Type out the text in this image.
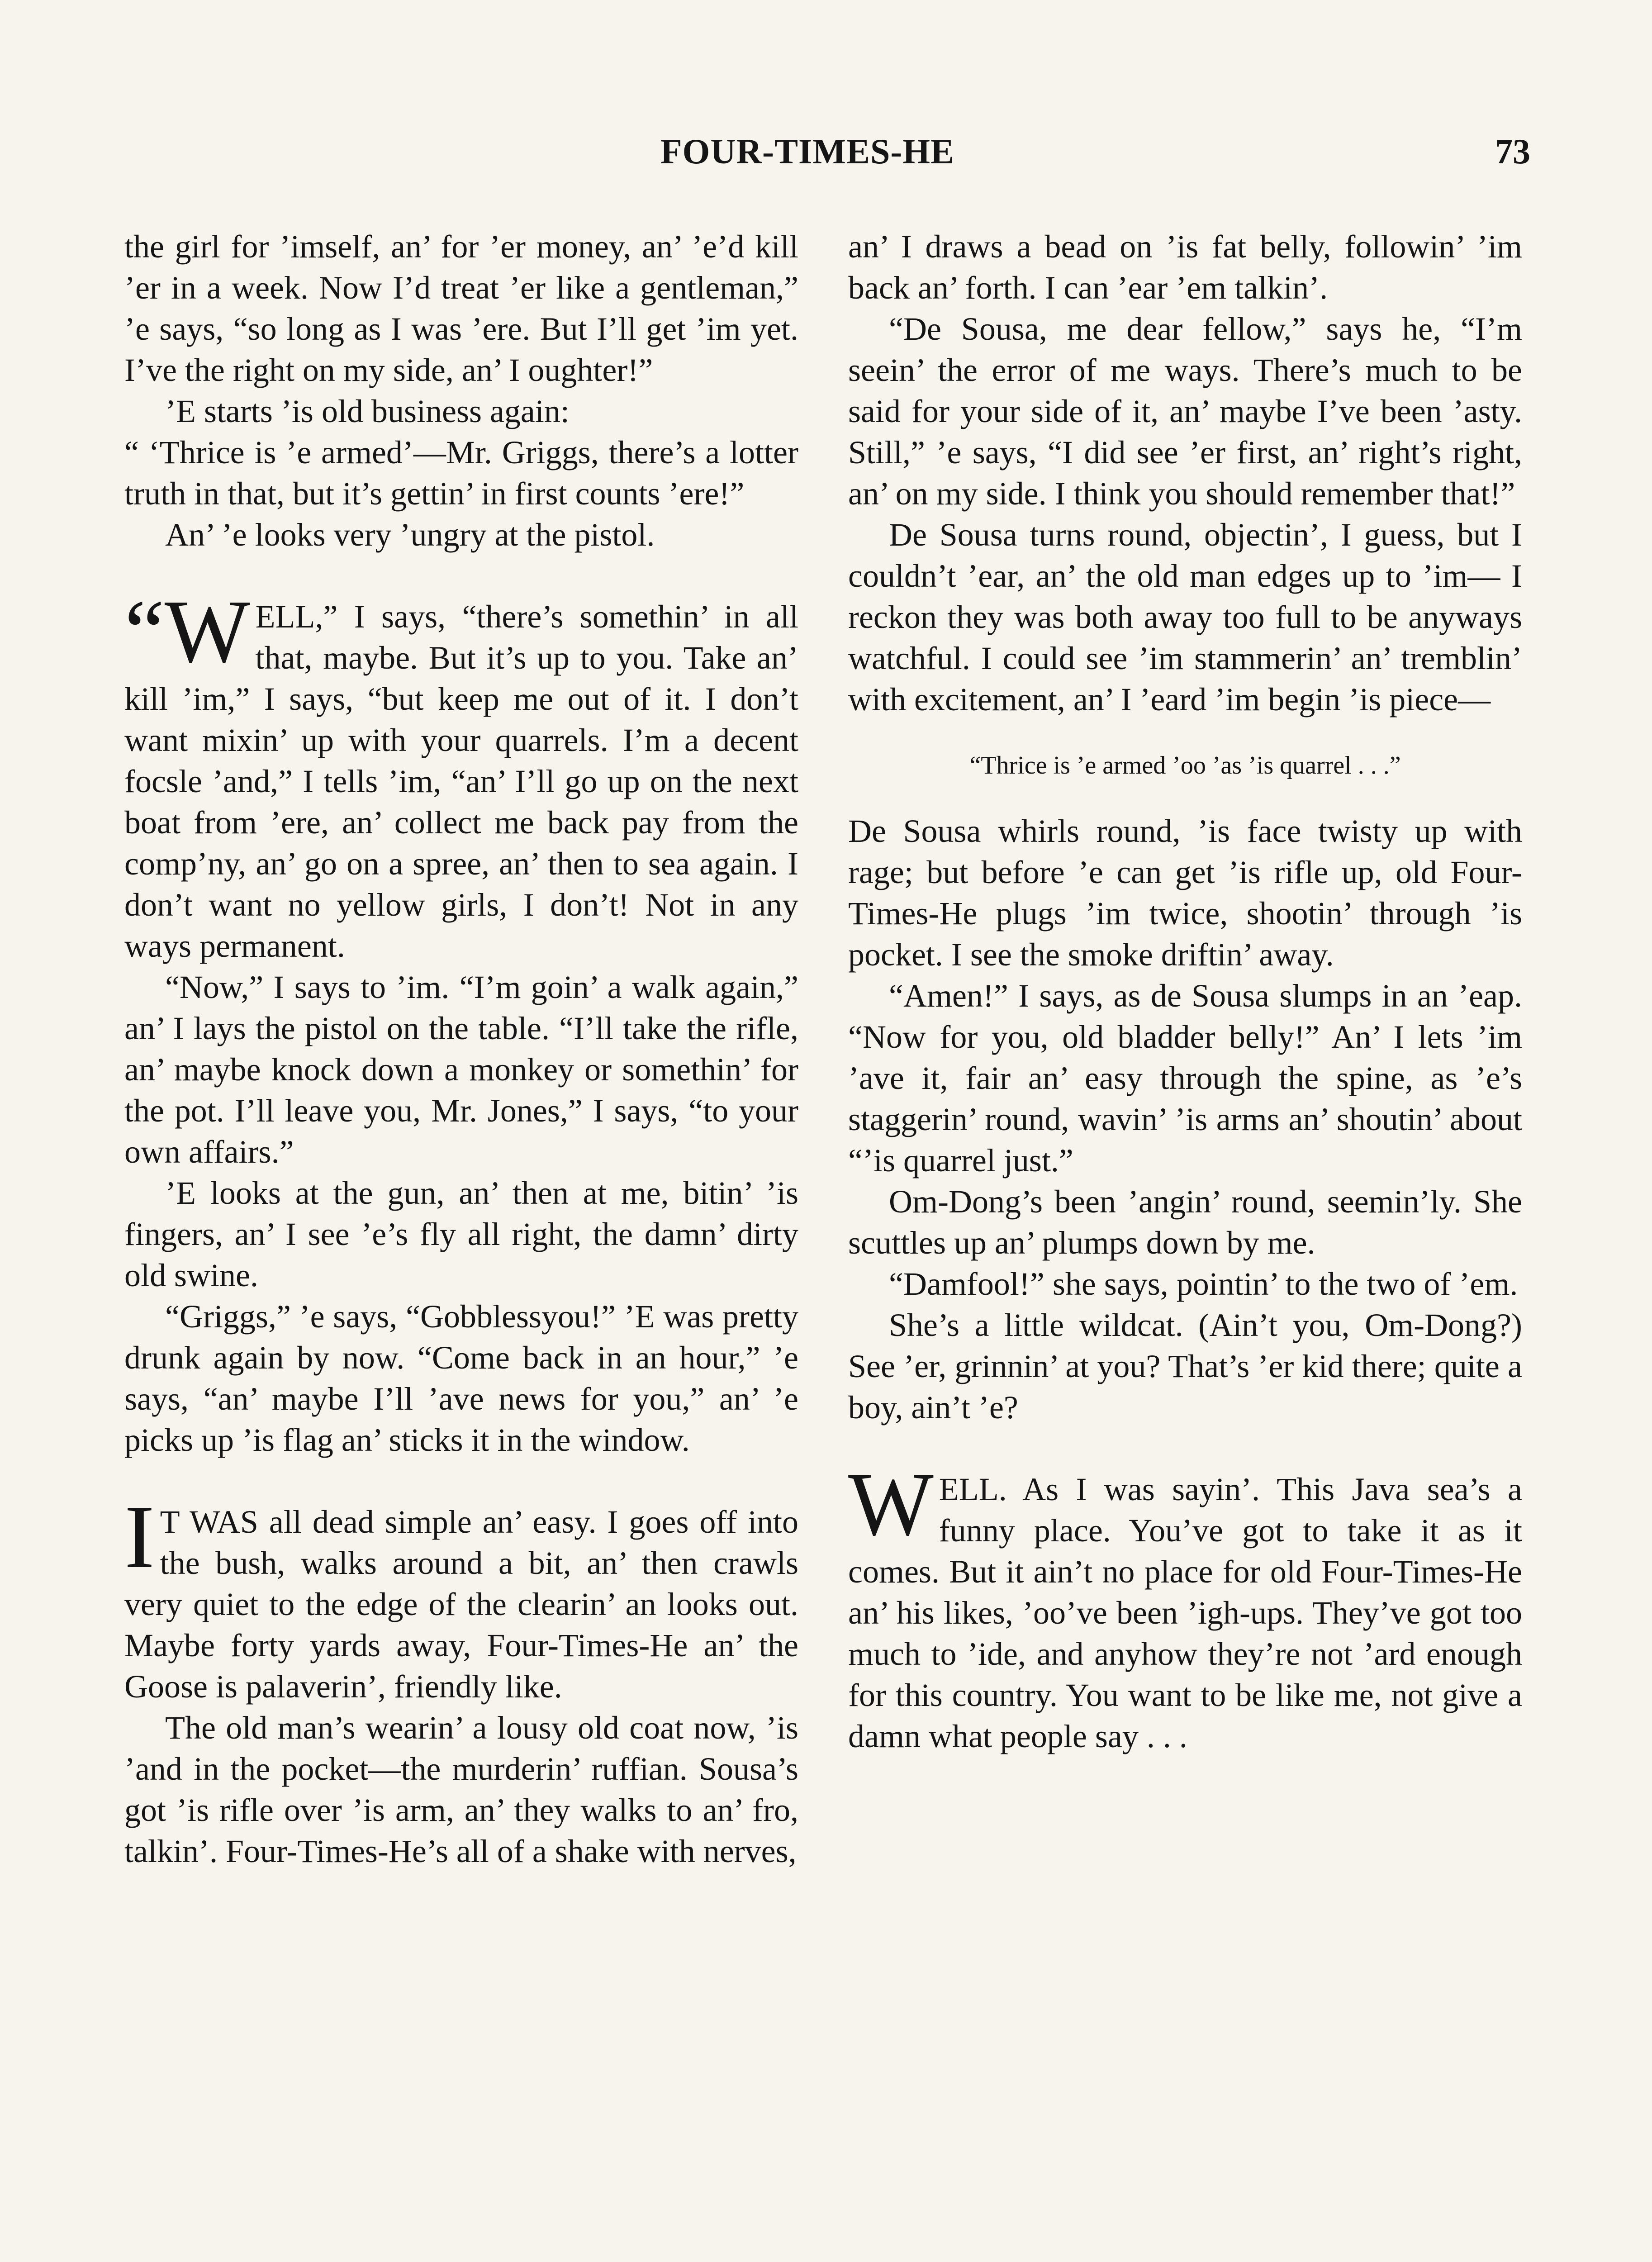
FOUR-TIMES-HE	73

the girl for ’imself, an’ for ’er money, an’ ’e’d kill ’er in a week. Now I’d treat ’er like a gentleman,” ’e says, “so long as I was ’ere. But I’ll get ’im yet. I’ve the right on my side, an’ I oughter!”

’E starts ’is old business again:

“ ‘Thrice is ’e armed’—Mr. Griggs, there’s a lotter truth in that, but it’s gettin’ in first counts ’ere!”

An’ ’e looks very ’ungry at the pistol.

“WELL,” I says, “there’s somethin’ in all that, maybe. But it’s up to you. Take an’ kill ’im,” I says, “but keep me out of it. I don’t want mixin’ up with your quarrels. I’m a decent focsle ’and,” I tells ’im, “an’ I’ll go up on the next boat from ’ere, an’ collect me back pay from the comp’ny, an’ go on a spree, an’ then to sea again. I don’t want no yellow girls, I don’t! Not in any ways permanent.

“Now,” I says to ’im. “I’m goin’ a walk again,” an’ I lays the pistol on the table. “I’ll take the rifle, an’ maybe knock down a monkey or somethin’ for the pot. I’ll leave you, Mr. Jones,” I says, “to your own affairs.”

’E looks at the gun, an’ then at me, bitin’ ’is fingers, an’ I see ’e’s fly all right, the damn’ dirty old swine.

“Griggs,” ’e says, “Gobblessyou!” ’E was pretty drunk again by now. “Come back in an hour,” ’e says, “an’ maybe I’ll ’ave news for you,” an’ ’e picks up ’is flag an’ sticks it in the window.

I T WAS all dead simple an’ easy. I goes off into the bush, walks around a bit, an’ then crawls very quiet to the edge of the clearin’ an looks out. Maybe forty yards away, Four-Times-He an’ the Goose is palaverin’, friendly like.

The old man’s wearin’ a lousy old coat now, ’is ’and in the pocket—the murderin’ ruffian. Sousa’s got ’is rifle over ’is arm, an’ they walks to an’ fro, talkin’. Four-Times-He’s all of a shake with nerves,

an’ I draws a bead on ’is fat belly, followin’ ’im back an’ forth. I can ’ear ’em talkin’.

“De Sousa, me dear fellow,” says he, “I’m seein’ the error of me ways. There’s much to be said for your side of it, an’ maybe I’ve been ’asty. Still,” ’e says, “I did see ’er first, an’ right’s right, an’ on my side. I think you should remember that!”

De Sousa turns round, objectin’, I guess, but I couldn’t ’ear, an’ the old man edges up to ’im— I reckon they was both away too full to be anyways watchful. I could see ’im stammerin’ an’ tremblin’ with excitement, an’ I ’eard ’im begin ’is piece—

“Thrice is ’e armed ’oo ’as ’is quarrel . . .”

De Sousa whirls round, ’is face twisty up with rage; but before ’e can get ’is rifle up, old Four-Times-He plugs ’im twice, shootin’ through ’is pocket. I see the smoke driftin’ away.

“Amen!” I says, as de Sousa slumps in an ’eap. “Now for you, old bladder belly!” An’ I lets ’im ’ave it, fair an’ easy through the spine, as ’e’s staggerin’ round, wavin’ ’is arms an’ shoutin’ about “’is quarrel just.”

Om-Dong’s been ’angin’ round, seemin’ly. She scuttles up an’ plumps down by me.

“Damfool!” she says, pointin’ to the two of ’em.

She’s a little wildcat. (Ain’t you, Om-Dong?) See ’er, grinnin’ at you? That’s ’er kid there; quite a boy, ain’t ’e?

WELL. As I was sayin’. This Java sea’s a funny place. You’ve got to take it as it comes. But it ain’t no place for old Four-Times-He an’ his likes, ’oo’ve been ’igh-ups. They’ve got too much to ’ide, and anyhow they’re not ’ard enough for this country. You want to be like me, not give a damn what people say . . .
